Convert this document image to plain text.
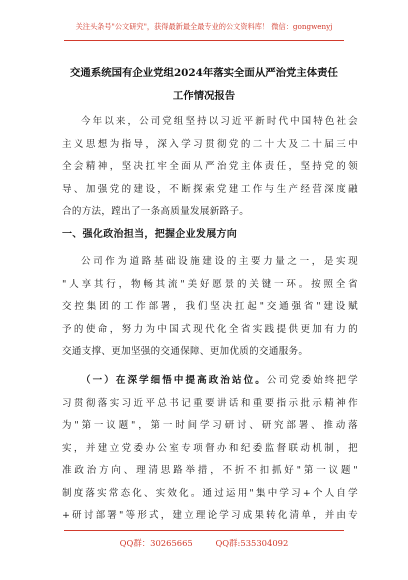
关注头条号"公文研究"，获得最新最全最专业的公文资料库！ 微信：gongwenyj
交通系统国有企业党组2024年落实全面从严治党主体责任
工作情况报告
今年以来，公司党组坚持以习近平新时代中国特色社会
主义思想为指导，深入学习贯彻党的二十大及二十届三中
全会精神，坚决扛牢全面从严治党主体责任，坚持党的领
导、加强党的建设，不断探索党建工作与生产经营深度融
合的方法，蹚出了一条高质量发展新路子。
一、强化政治担当，把握企业发展方向
公司作为道路基础设施建设的主要力量之一，是实现
"人享其行，物畅其流"美好愿景的关键一环。按照全省
交控集团的工作部署，我们坚决扛起"交通强省"建设赋
予的使命，努力为中国式现代化全省实践提供更加有力的
交通支撑、更加坚强的交通保障、更加优质的交通服务。
（一）在深学细悟中提高政治站位。公司党委始终把学
习贯彻落实习近平总书记重要讲话和重要指示批示精神作
为"第一议题"，第一时间学习研讨、研究部署、推动落
实，并建立党委办公室专项督办和纪委监督联动机制，把
准政治方向、理清思路举措，不折不扣抓好"第一议题"
制度落实常态化、实效化。通过运用"集中学习+个人自学
+研讨部署"等形式，建立理论学习成果转化清单，并由专
QQ群：30265665	QQ群:535304092
